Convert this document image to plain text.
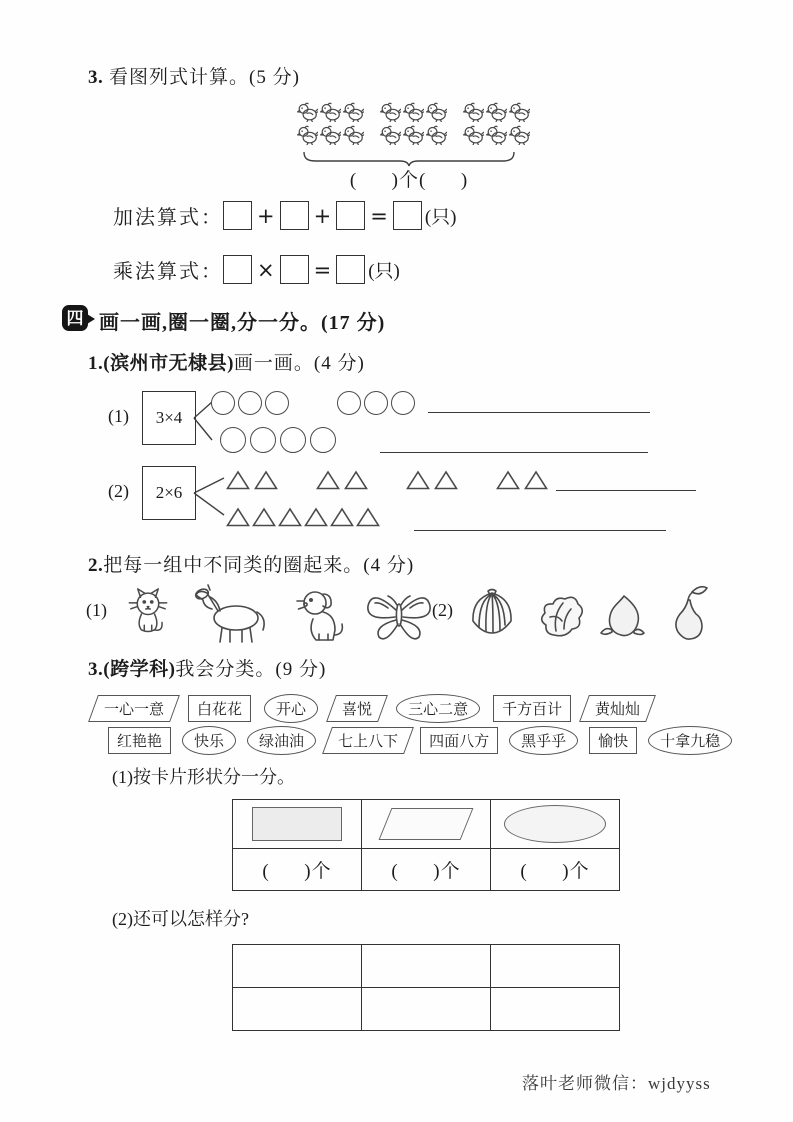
3. 看图列式计算。(5 分)
(      )个(      )
加法算式： + + = (只)
乘法算式： × = (只)
四 画一画,圈一圈,分一分。(17 分)
1.(滨州市无棣县)画一画。(4 分)
(1)	3×4
(2)	2×6
2.把每一组中不同类的圈起来。(4 分)
(1)	(2)
3.(跨学科)我会分类。(9 分)
一心一意	白花花	开心	喜悦	三心二意	千方百计	黄灿灿
红艳艳	快乐	绿油油	七上八下	四面八方	黑乎乎	愉快	十拿九稳
(1)按卡片形状分一分。

(      )个	(      )个	(      )个
(2)还可以怎样分?

落叶老师微信：wjdyyss
